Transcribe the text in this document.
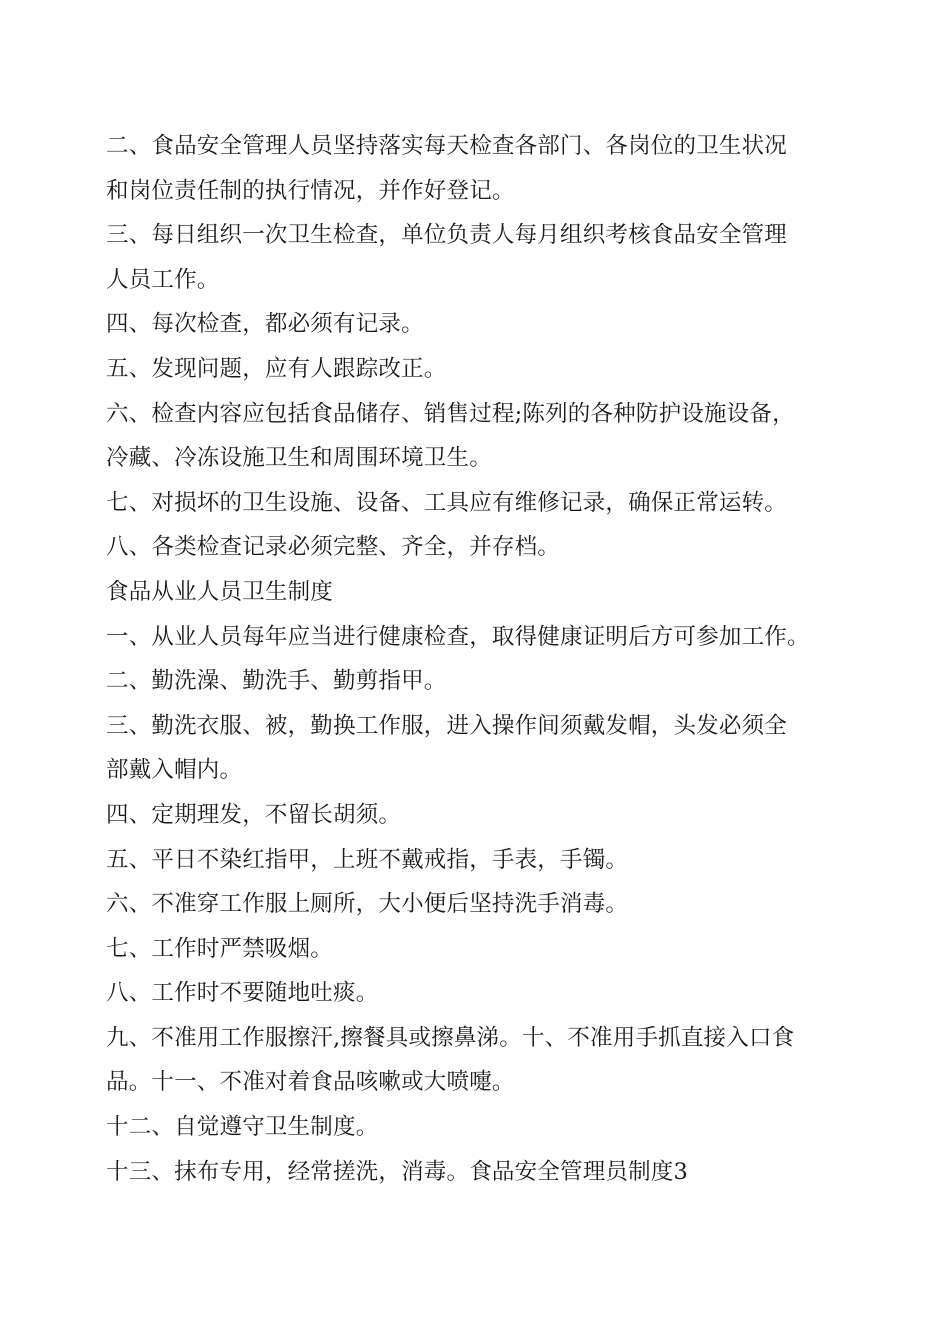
二、食品安全管理人员坚持落实每天检查各部门、各岗位的卫生状况
和岗位责任制的执行情况，并作好登记。
三、每日组织一次卫生检查，单位负责人每月组织考核食品安全管理
人员工作。
四、每次检查，都必须有记录。
五、发现问题，应有人跟踪改正。
六、检查内容应包括食品储存、销售过程;陈列的各种防护设施设备，
冷藏、冷冻设施卫生和周围环境卫生。
七、对损坏的卫生设施、设备、工具应有维修记录，确保正常运转。
八、各类检查记录必须完整、齐全，并存档。
食品从业人员卫生制度
一、从业人员每年应当进行健康检查，取得健康证明后方可参加工作。
二、勤洗澡、勤洗手、勤剪指甲。
三、勤洗衣服、被，勤换工作服，进入操作间须戴发帽，头发必须全
部戴入帽内。
四、定期理发，不留长胡须。
五、平日不染红指甲，上班不戴戒指，手表，手镯。
六、不准穿工作服上厕所，大小便后坚持洗手消毒。
七、工作时严禁吸烟。
八、工作时不要随地吐痰。
九、不准用工作服擦汗,擦餐具或擦鼻涕。十、不准用手抓直接入口食
品。十一、不准对着食品咳嗽或大喷嚏。
十二、自觉遵守卫生制度。
十三、抹布专用，经常搓洗，消毒。食品安全管理员制度3
